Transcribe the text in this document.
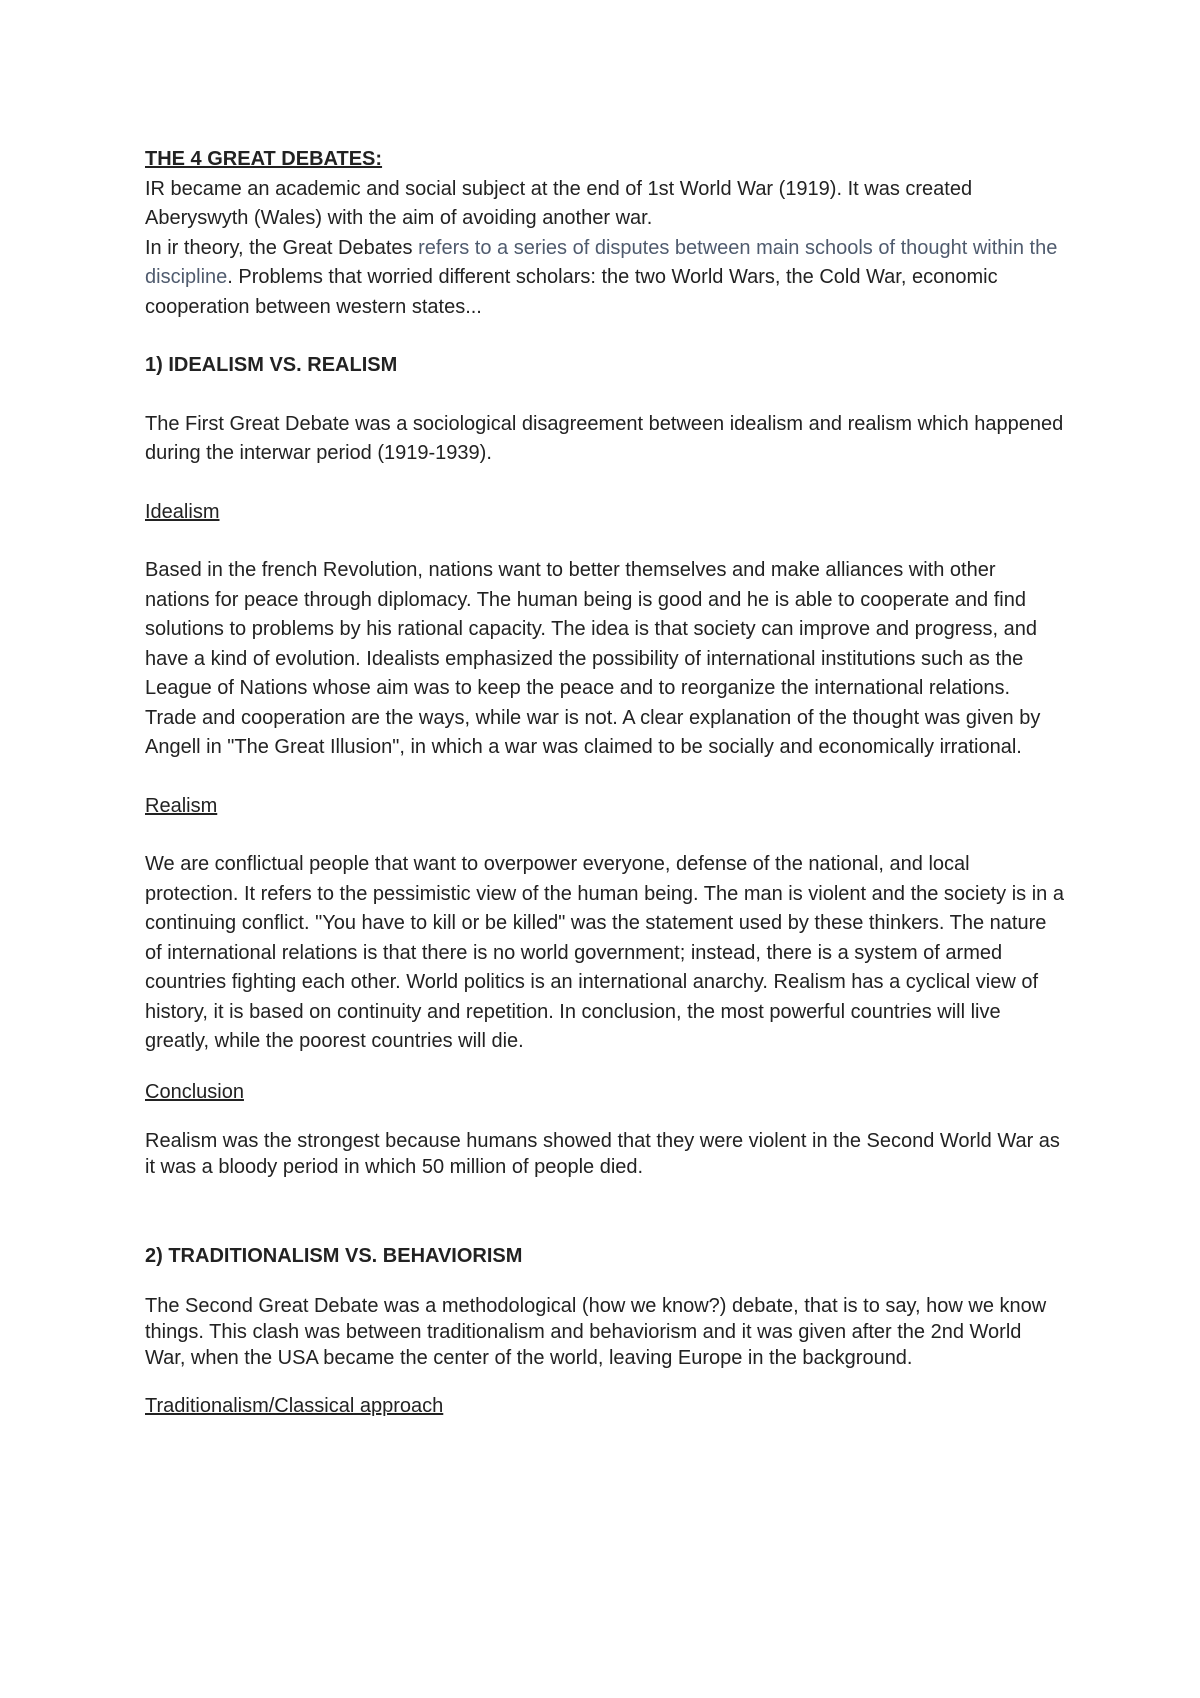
THE 4 GREAT DEBATES:

IR became an academic and social subject at the end of 1st World War (1919). It was created Aberyswyth (Wales) with the aim of avoiding another war.

In ir theory, the Great Debates refers to a series of disputes between main schools of thought within the discipline. Problems that worried different scholars: the two World Wars, the Cold War, economic cooperation between western states...

1) IDEALISM VS. REALISM

The First Great Debate was a sociological disagreement between idealism and realism which happened during the interwar period (1919-1939).

Idealism

Based in the french Revolution, nations want to better themselves and make alliances with other nations for peace through diplomacy. The human being is good and he is able to cooperate and find solutions to problems by his rational capacity. The idea is that society can improve and progress, and have a kind of evolution. Idealists emphasized the possibility of international institutions such as the League of Nations whose aim was to keep the peace and to reorganize the international relations. Trade and cooperation are the ways, while war is not. A clear explanation of the thought was given by Angell in "The Great Illusion", in which a war was claimed to be socially and economically irrational.

Realism

We are conflictual people that want to overpower everyone, defense of the national, and local protection. It refers to the pessimistic view of the human being. The man is violent and the society is in a continuing conflict. "You have to kill or be killed" was the statement used by these thinkers. The nature of international relations is that there is no world government; instead, there is a system of armed countries fighting each other. World politics is an international anarchy. Realism has a cyclical view of history, it is based on continuity and repetition. In conclusion, the most powerful countries will live greatly, while the poorest countries will die.

Conclusion

Realism was the strongest because humans showed that they were violent in the Second World War as it was a bloody period in which 50 million of people died.

2) TRADITIONALISM VS. BEHAVIORISM

The Second Great Debate was a methodological (how we know?) debate, that is to say, how we know things. This clash was between traditionalism and behaviorism and it was given after the 2nd World War, when the USA became the center of the world, leaving Europe in the background.

Traditionalism/Classical approach
